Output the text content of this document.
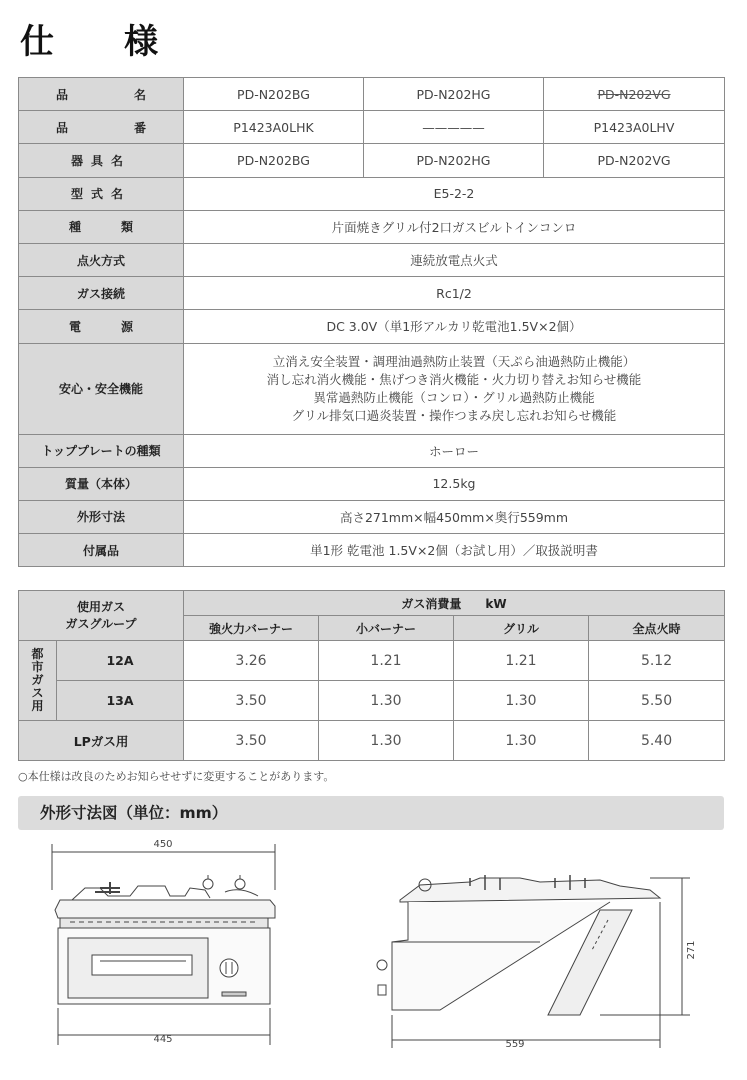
仕　様
品　　名	PD-N202BG	PD-N202HG	PD-N202VG
品　　番	P1423A0LHK	—————	P1423A0LHV
器具名	PD-N202BG	PD-N202HG	PD-N202VG
型式名	E5-2-2		
種　類	片面焼きグリル付2口ガスビルトインコンロ		
点火方式	連続放電点火式		
ガス接続	Rc1/2		
電　源	DC 3.0V（単1形アルカリ乾電池1.5V×2個）		
安心・安全機能	立消え安全装置・調理油過熱防止装置（天ぷら油過熱防止機能）
消し忘れ消火機能・焦げつき消火機能・火力切り替えお知らせ機能
異常過熱防止機能（コンロ）・グリル過熱防止機能
グリル排気口過炎装置・操作つまみ戻し忘れお知らせ機能		

トッププレートの種類	ホーロー		
質量（本体）	12.5kg		
外形寸法	高さ271mm×幅450mm×奥行559mm		
付属品	単1形 乾電池 1.5V×2個（お試し用）／取扱説明書		
使用ガス
ガスグループ		ガス消費量　　kW			
		強火力バーナー	小バーナー	グリル	全点火時

都
市
ガ
ス
用	12A	3.26	1.21	1.21	5.12
	13A	3.50	1.30	1.30	5.50
LPガス用		3.50	1.30	1.30	5.40
○本仕様は改良のためお知らせせずに変更することがあります。
外形寸法図（単位：mm）
450
445	559
271
